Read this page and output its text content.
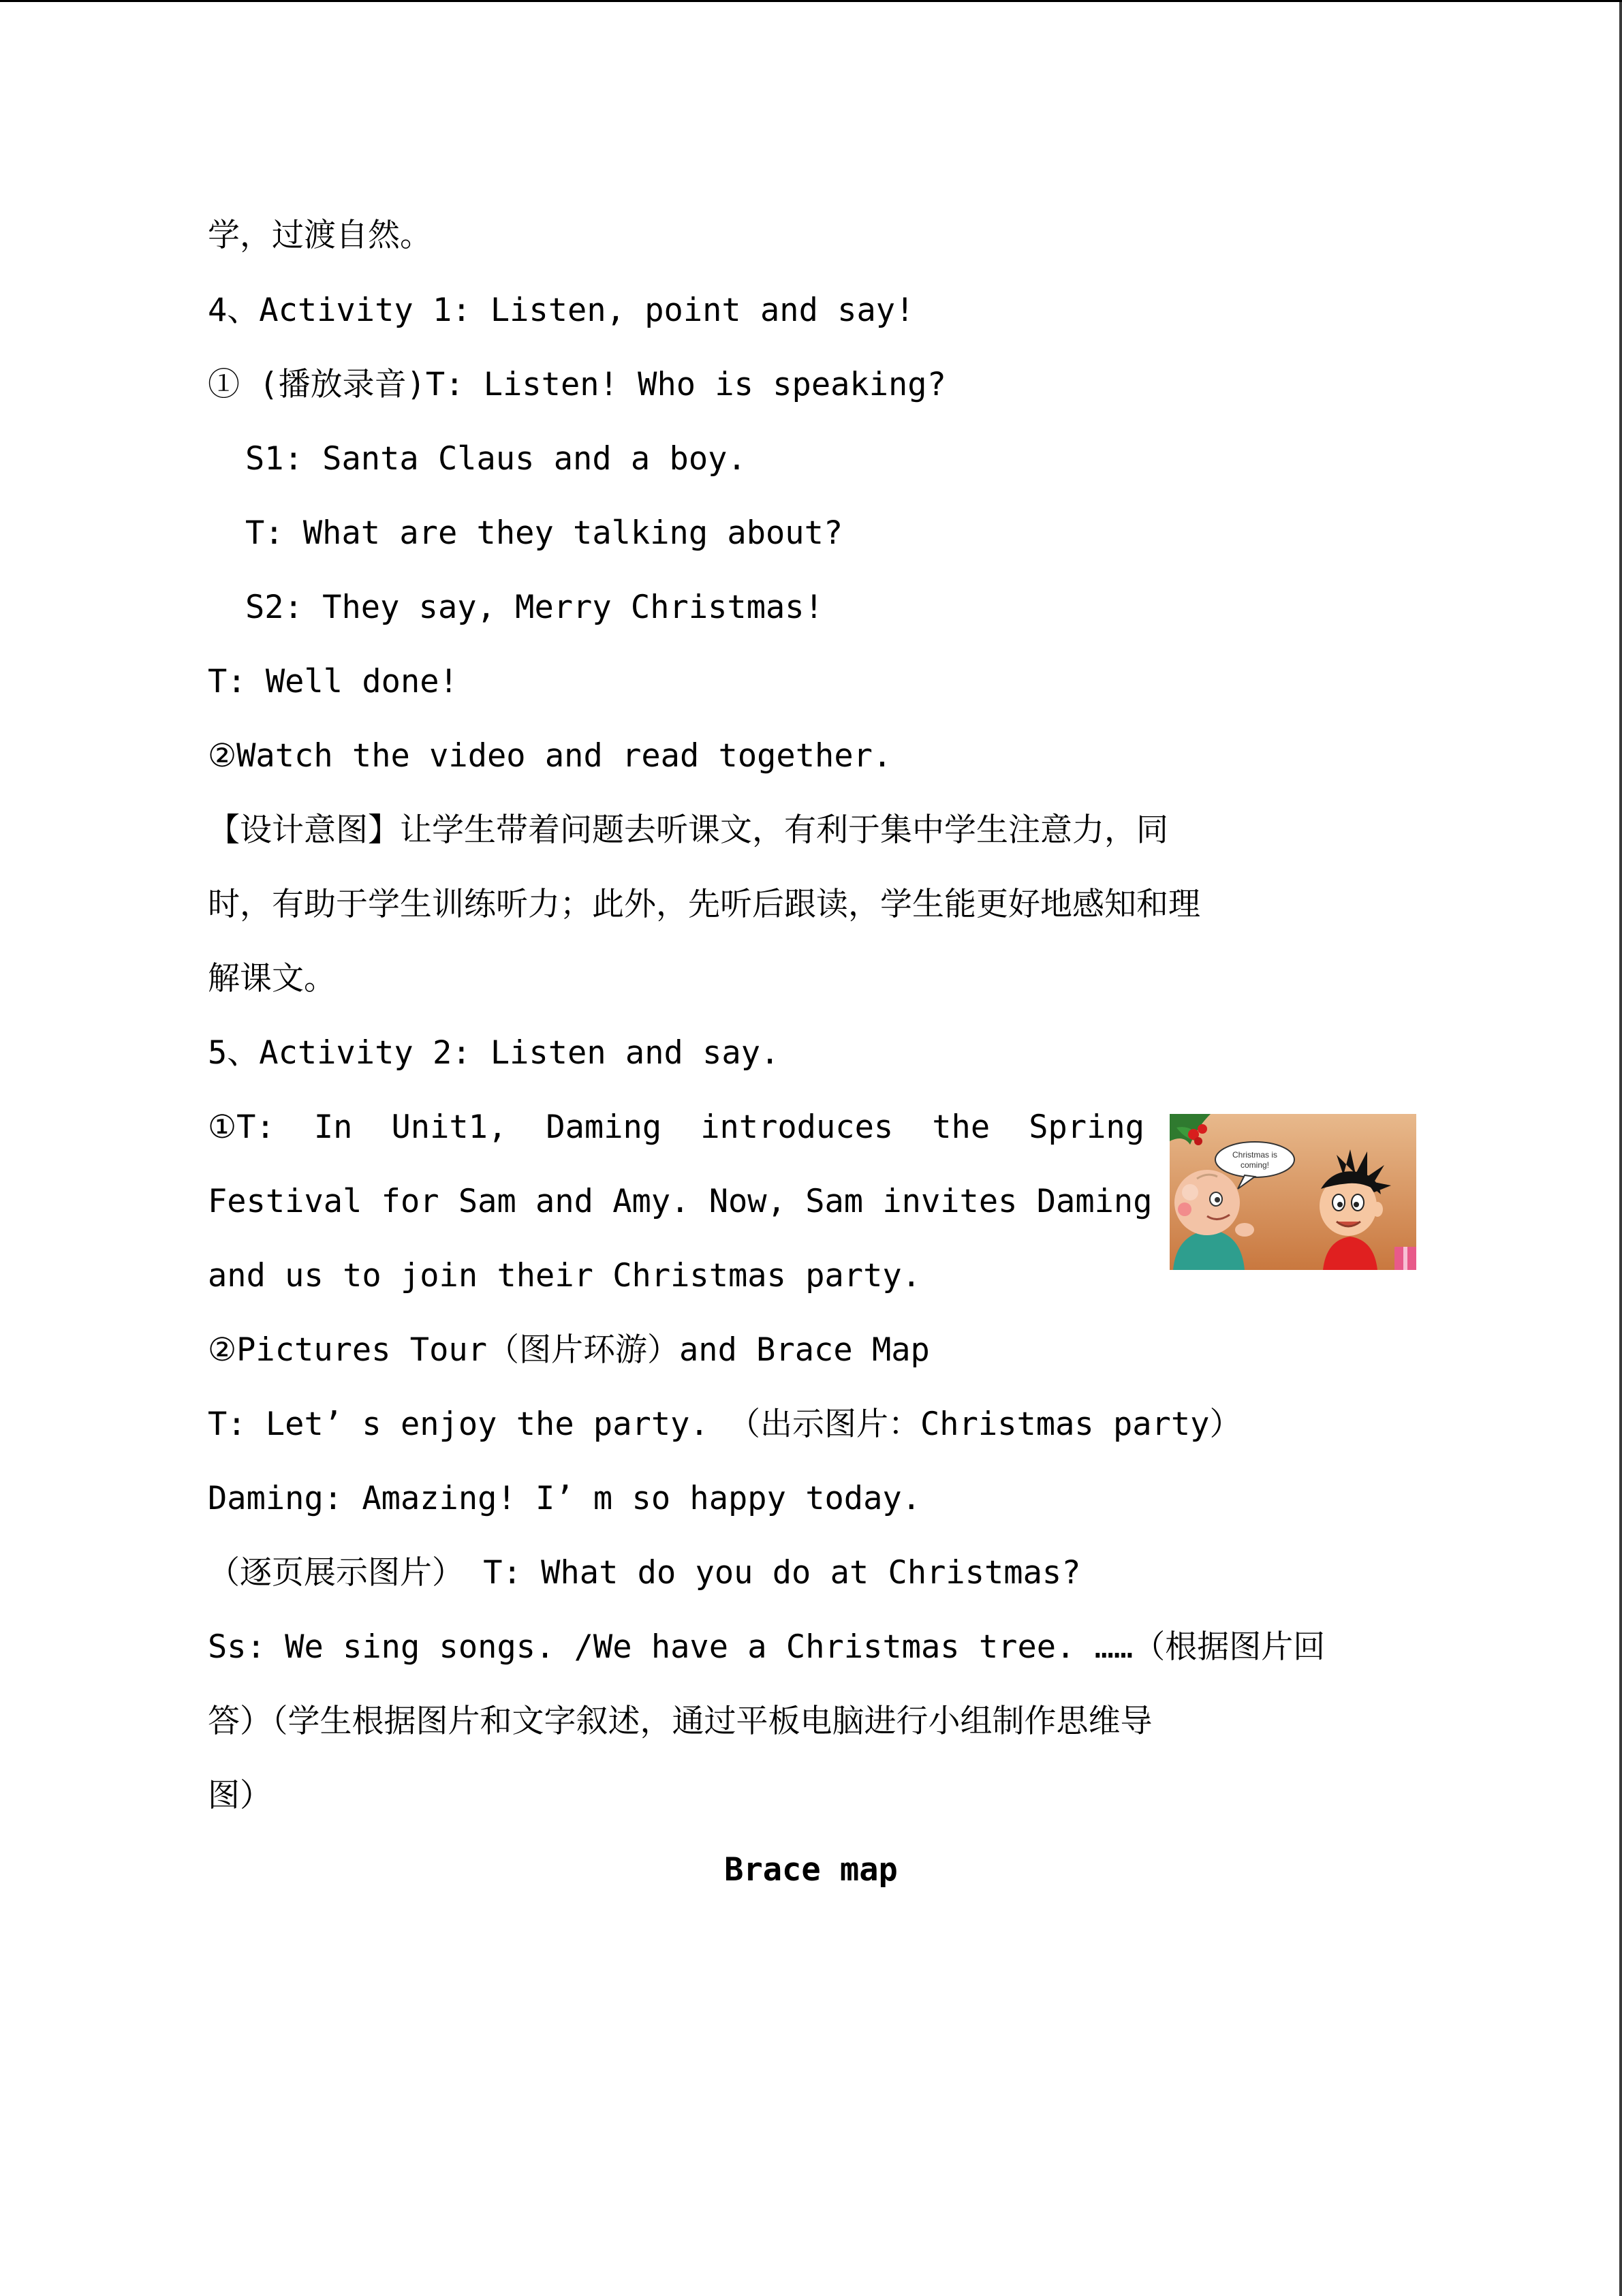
学，过渡自然。
4、Activity 1: Listen, point and say!
① (播放录音)T: Listen! Who is speaking?
S1: Santa Claus and a boy.
T: What are they talking about?
S2: They say, Merry Christmas!
T: Well done!
②Watch the video and read together.
【设计意图】让学生带着问题去听课文，有利于集中学生注意力，同
时，有助于学生训练听力；此外，先听后跟读，学生能更好地感知和理
解课文。
5、Activity 2: Listen and say.
①T: In Unit1, Daming introduces the Spring
Festival for Sam and Amy. Now, Sam invites Daming
and us to join their Christmas party.
②Pictures Tour（图片环游）and Brace Map
T: Let’ s enjoy the party. （出示图片：Christmas party）
Daming: Amazing! I’ m so happy today.
（逐页展示图片） T: What do you do at Christmas?
Ss: We sing songs. /We have a Christmas tree. ……（根据图片回
答）（学生根据图片和文字叙述，通过平板电脑进行小组制作思维导
图）
Brace map
Christmas is
coming!
